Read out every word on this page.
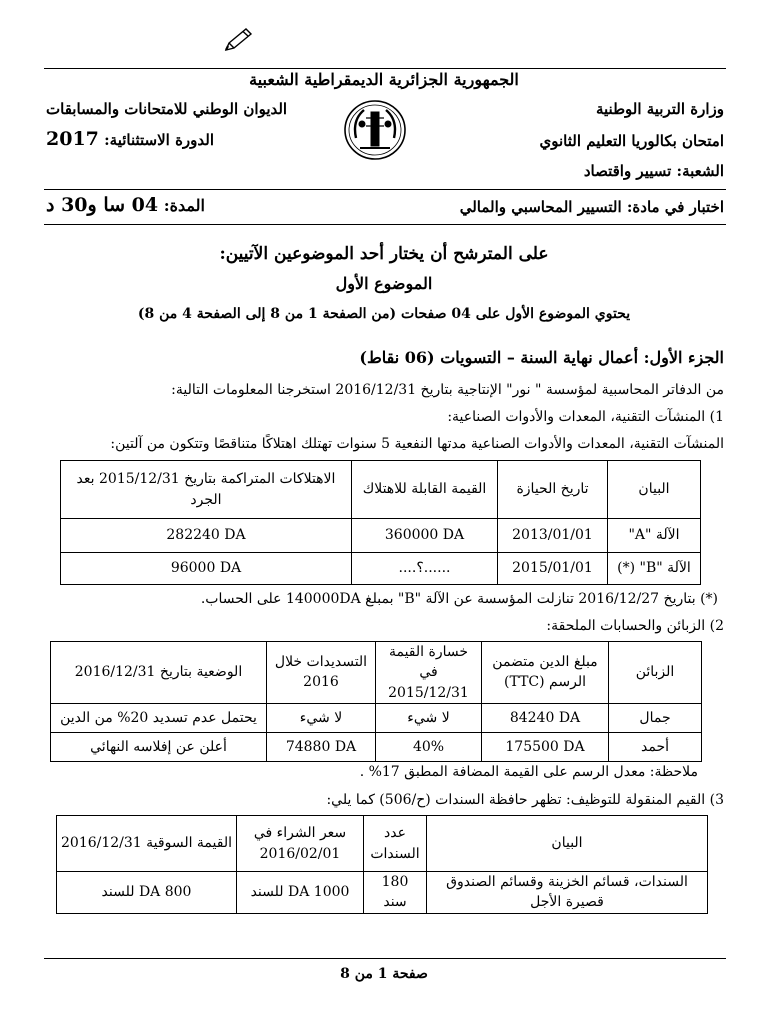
الجمهورية الجزائرية الديمقراطية الشعبية
وزارة التربية الوطنية
الديوان الوطني للامتحانات والمسابقات
امتحان بكالوريا التعليم الثانوي
الدورة الاستثنائية: 2017
الشعبة: تسيير واقتصاد
اختبار في مادة: التسيير المحاسبي والمالي
المدة: 04 سا و30 د
على المترشح أن يختار أحد الموضوعين الآتيين:
الموضوع الأول
يحتوي الموضوع الأول على 04 صفحات (من الصفحة 1 من 8 إلى الصفحة 4 من 8)
الجزء الأول: أعمال نهاية السنة – التسويات (06 نقاط)
من الدفاتر المحاسبية لمؤسسة " نور" الإنتاجية بتاريخ 2016/12/31 استخرجنا المعلومات التالية:
1) المنشآت التقنية، المعدات والأدوات الصناعية:
المنشآت التقنية، المعدات والأدوات الصناعية مدتها النفعية 5 سنوات تهتلك اهتلاكًا متناقصًا وتتكون من آلتين:
البيان	تاريخ الحيازة	القيمة القابلة للاهتلاك	الاهتلاكات المتراكمة بتاريخ 2015/12/31 بعد الجرد
الآلة "A"	2013/01/01	360000 DA	282240 DA
الآلة "B" (*)	2015/01/01	......؟....	96000 DA
(*) بتاريخ 2016/12/27 تنازلت المؤسسة عن الآلة "B" بمبلغ 140000DA على الحساب.
2) الزبائن والحسابات الملحقة:
الزبائن	مبلغ الدين متضمن الرسم (TTC)	خسارة القيمة في 2015/12/31	التسديدات خلال 2016	الوضعية بتاريخ 2016/12/31
جمال	84240 DA	لا شيء	لا شيء	يحتمل عدم تسديد 20% من الدين
أحمد	175500 DA	40%	74880 DA	أعلن عن إفلاسه النهائي
ملاحظة: معدل الرسم على القيمة المضافة المطبق 17% .
3) القيم المنقولة للتوظيف: تظهر حافظة السندات (ح/506) كما يلي:
البيان	عدد السندات	سعر الشراء في 2016/02/01	القيمة السوقية 2016/12/31
السندات، قسائم الخزينة وقسائم الصندوق قصيرة الأجل	180 سند	1000 DA للسند	800 DA للسند
صفحة 1 من 8
